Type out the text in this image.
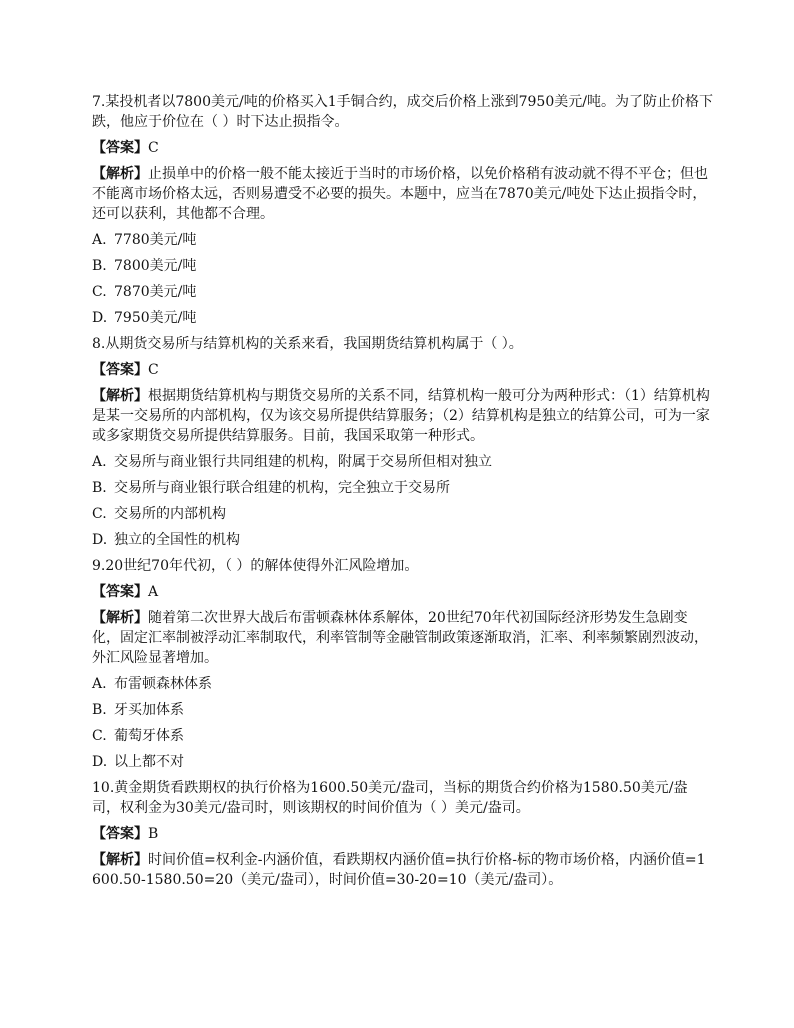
7.某投机者以7800美元/吨的价格买入1手铜合约，成交后价格上涨到7950美元/吨。为了防止价格下跌，他应于价位在（ ）时下达止损指令。

【答案】C

【解析】止损单中的价格一般不能太接近于当时的市场价格，以免价格稍有波动就不得不平仓；但也不能离市场价格太远，否则易遭受不必要的损失。本题中，应当在7870美元/吨处下达止损指令时，还可以获利，其他都不合理。

A. 7780美元/吨

B. 7800美元/吨

C. 7870美元/吨

D. 7950美元/吨

8.从期货交易所与结算机构的关系来看，我国期货结算机构属于（ ）。

【答案】C

【解析】根据期货结算机构与期货交易所的关系不同，结算机构一般可分为两种形式：（1）结算机构是某一交易所的内部机构，仅为该交易所提供结算服务；（2）结算机构是独立的结算公司，可为一家或多家期货交易所提供结算服务。目前，我国采取第一种形式。

A. 交易所与商业银行共同组建的机构，附属于交易所但相对独立

B. 交易所与商业银行联合组建的机构，完全独立于交易所

C. 交易所的内部机构

D. 独立的全国性的机构

9.20世纪70年代初，（ ）的解体使得外汇风险增加。

【答案】A

【解析】随着第二次世界大战后布雷顿森林体系解体，20世纪70年代初国际经济形势发生急剧变化，固定汇率制被浮动汇率制取代，利率管制等金融管制政策逐渐取消，汇率、利率频繁剧烈波动，外汇风险显著增加。

A. 布雷顿森林体系

B. 牙买加体系

C. 葡萄牙体系

D. 以上都不对

10.黄金期货看跌期权的执行价格为1600.50美元/盎司，当标的期货合约价格为1580.50美元/盎司，权利金为30美元/盎司时，则该期权的时间价值为（ ）美元/盎司。

【答案】B

【解析】时间价值=权利金-内涵价值，看跌期权内涵价值=执行价格-标的物市场价格，内涵价值=1600.50-1580.50=20（美元/盎司），时间价值=30-20=10（美元/盎司）。
